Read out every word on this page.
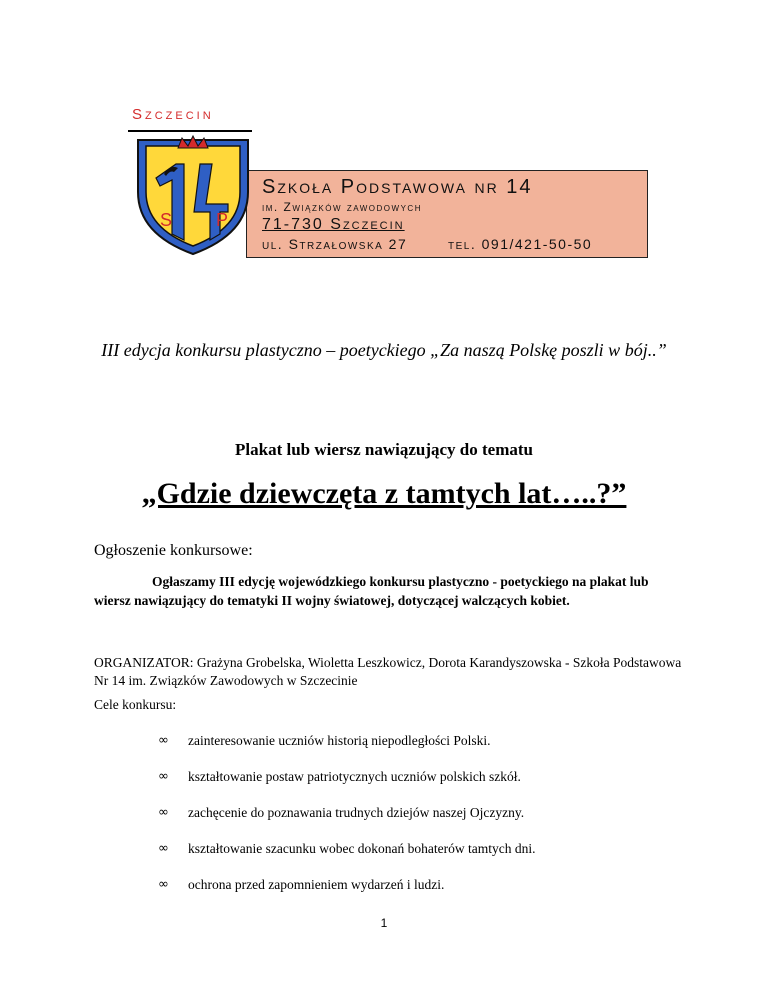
Szczecin
S P
Szkoła Podstawowa nr 14
im. Związków zawodowych
71-730 Szczecin
ul. Strzałowska 27	tel. 091/421-50-50
III edycja konkursu plastyczno – poetyckiego „Za naszą Polskę poszli w bój..”
Plakat lub wiersz nawiązujący do tematu
„Gdzie dziewczęta z tamtych lat…..?”
Ogłoszenie konkursowe:
Ogłaszamy III edycję wojewódzkiego konkursu plastyczno - poetyckiego na plakat lub wiersz nawiązujący do tematyki II wojny światowej, dotyczącej walczących kobiet.
ORGANIZATOR: Grażyna Grobelska, Wioletta Leszkowicz, Dorota Karandyszowska - Szkoła Podstawowa Nr 14 im. Związków Zawodowych w Szczecinie
Cele konkursu:
∞ zainteresowanie uczniów historią niepodległości Polski.
∞ kształtowanie postaw patriotycznych uczniów polskich szkół.
∞ zachęcenie do poznawania trudnych dziejów naszej Ojczyzny.
∞ kształtowanie szacunku wobec dokonań bohaterów tamtych dni.
∞ ochrona przed zapomnieniem wydarzeń i ludzi.
1
